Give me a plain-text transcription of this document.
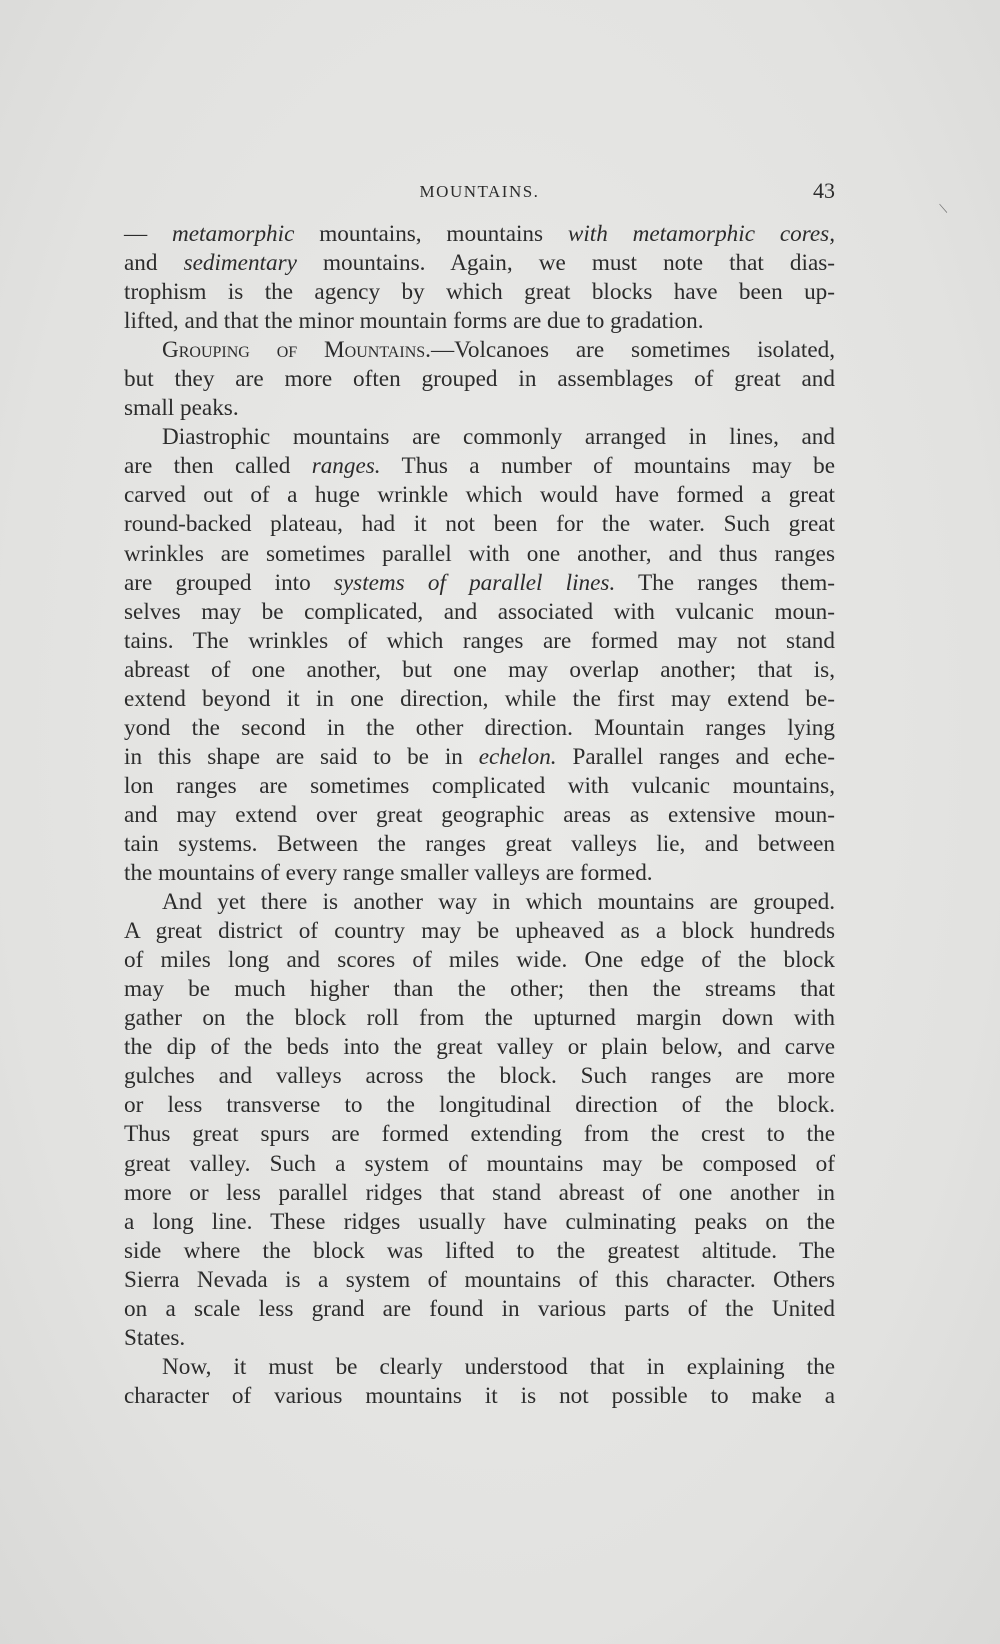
MOUNTAINS.	43
— metamorphic mountains, mountains with metamorphic cores,
and sedimentary mountains. Again, we must note that dias-
trophism is the agency by which great blocks have been up-
lifted, and that the minor mountain forms are due to gradation.
Grouping of Mountains.—Volcanoes are sometimes isolated,
but they are more often grouped in assemblages of great and
small peaks.
Diastrophic mountains are commonly arranged in lines, and
are then called ranges. Thus a number of mountains may be
carved out of a huge wrinkle which would have formed a great
round-backed plateau, had it not been for the water. Such great
wrinkles are sometimes parallel with one another, and thus ranges
are grouped into systems of parallel lines. The ranges them-
selves may be complicated, and associated with vulcanic moun-
tains. The wrinkles of which ranges are formed may not stand
abreast of one another, but one may overlap another; that is,
extend beyond it in one direction, while the first may extend be-
yond the second in the other direction. Mountain ranges lying
in this shape are said to be in echelon. Parallel ranges and eche-
lon ranges are sometimes complicated with vulcanic mountains,
and may extend over great geographic areas as extensive moun-
tain systems. Between the ranges great valleys lie, and between
the mountains of every range smaller valleys are formed.
And yet there is another way in which mountains are grouped.
A great district of country may be upheaved as a block hundreds
of miles long and scores of miles wide. One edge of the block
may be much higher than the other; then the streams that
gather on the block roll from the upturned margin down with
the dip of the beds into the great valley or plain below, and carve
gulches and valleys across the block. Such ranges are more
or less transverse to the longitudinal direction of the block.
Thus great spurs are formed extending from the crest to the
great valley. Such a system of mountains may be composed of
more or less parallel ridges that stand abreast of one another in
a long line. These ridges usually have culminating peaks on the
side where the block was lifted to the greatest altitude. The
Sierra Nevada is a system of mountains of this character. Others
on a scale less grand are found in various parts of the United
States.
Now, it must be clearly understood that in explaining the
character of various mountains it is not possible to make a
/
